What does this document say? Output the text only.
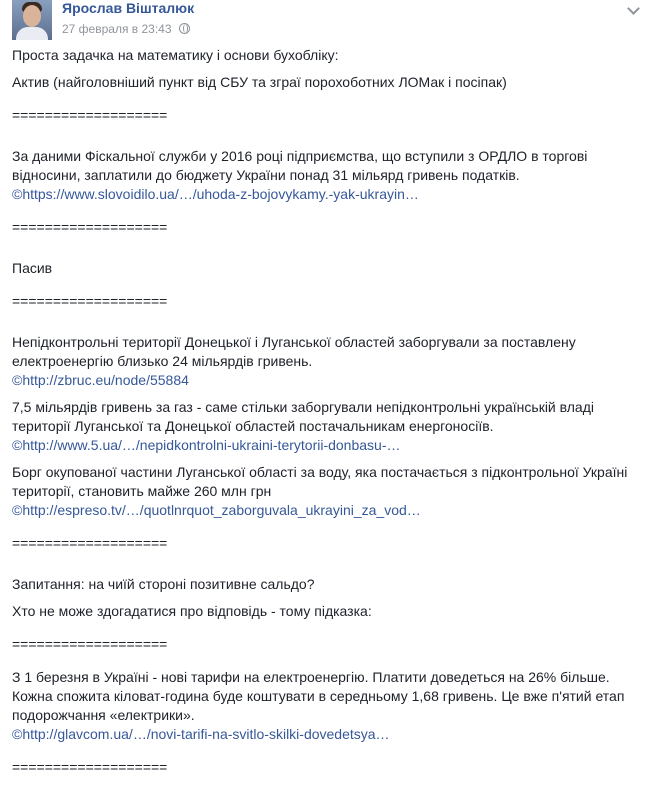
Ярослав Вішталюк
27 февраля в 23:43

Проста задачка на математику і основи бухобліку:

Актив (найголовніший пункт від СБУ та зграї порохоботних ЛОМак і посіпак)

===================

За даними Фіскальної служби у 2016 році підприємства, що вступили з ОРДЛО в торгові

відносини, заплатили до бюджету України понад 31 мільярд гривень податків.

©https://www.slovoidilo.ua/…/uhoda-z-bojovykamy.-yak-ukrayin…

===================

Пасив

===================

Непідконтрольні території Донецької і Луганської областей заборгували за поставлену

електроенергію близько 24 мільярдів гривень.

©http://zbruc.eu/node/55884

7,5 мільярдів гривень за газ - саме стільки заборгували непідконтрольні українській владі

території Луганської та Донецької областей постачальникам енергоносіїв.

©http://www.5.ua/…/nepidkontrolni-ukraini-terytorii-donbasu-…

Борг окупованої частини Луганської області за воду, яка постачається з підконтрольної Україні

території, становить майже 260 млн грн

©http://espreso.tv/…/quotlnrquot_zaborguvala_ukrayini_za_vod…

===================

Запитання: на чиїй стороні позитивне сальдо?

Хто не може здогадатися про відповідь - тому підказка:

===================

З 1 березня в Україні - нові тарифи на електроенергію. Платити доведеться на 26% більше.

Кожна спожита кіловат-година буде коштувати в середньому 1,68 гривень. Це вже п'ятий етап

подорожчання «електрики».

©http://glavcom.ua/…/novi-tarifi-na-svitlo-skilki-dovedetsya…

===================
